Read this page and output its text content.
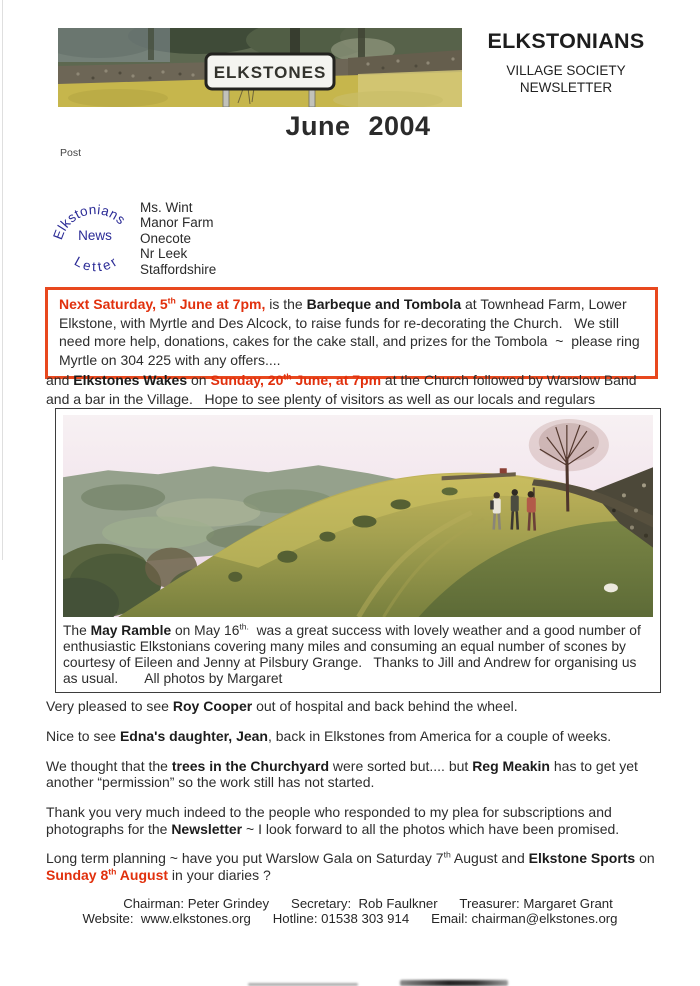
ELKSTONES
ELKSTONIANS
VILLAGE SOCIETY
NEWSLETTER
June 2004
Post
Elkstonians
News
Letter
Ms. Wint
Manor Farm
Onecote
Nr Leek
Staffordshire

Next Saturday, 5th June at 7pm, is the Barbeque and Tombola at Townhead Farm, Lower Elkstone, with Myrtle and Des Alcock, to raise funds for re-decorating the Church.   We still need more help, donations, cakes for the cake stall, and prizes for the Tombola  ~  please ring Myrtle on 304 225 with any offers....

and Elkstones Wakes on Sunday, 20th June, at 7pm at the Church followed by Warslow Band and a bar in the Village.   Hope to see plenty of visitors as well as our locals and regulars

The May Ramble on May $16^{th.}$  was a great success with lovely weather and a good number of enthusiastic Elkstonians covering many miles and consuming an equal number of scones by courtesy of Eileen and Jenny at Pilsbury Grange.   Thanks to Jill and Andrew for organising us as usual.       All photos by Margaret

Very pleased to see Roy Cooper out of hospital and back behind the wheel.

Nice to see Edna's daughter, Jean, back in Elkstones from America for a couple of weeks.

We thought that the trees in the Churchyard were sorted but.... but Reg Meakin has to get yet another “permission” so the work still has not started.

Thank you very much indeed to the people who responded to my plea for subscriptions and photographs for the Newsletter ~ I look forward to all the photos which have been promised.

Long term planning ~ have you put Warslow Gala on Saturday 7th August and Elkstone Sports on Sunday 8th August in your diaries ?

Chairman: Peter Grindey      Secretary:  Rob Faulkner      Treasurer: Margaret Grant
Website:  www.elkstones.org      Hotline: 01538 303 914      Email: chairman@elkstones.org
